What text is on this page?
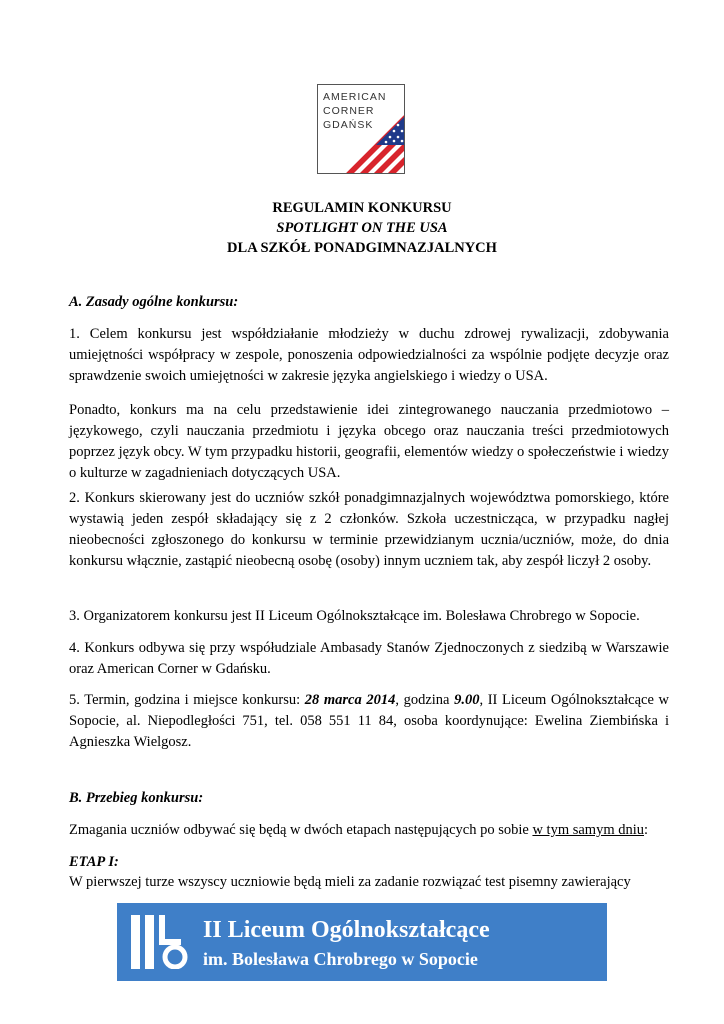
AMERICAN
CORNER
GDAŃSK
REGULAMIN KONKURSU
SPOTLIGHT ON THE USA
DLA SZKÓŁ PONADGIMNAZJALNYCH
A. Zasady ogólne konkursu:
1. Celem konkursu jest współdziałanie młodzieży w duchu zdrowej rywalizacji, zdobywania umiejętności współpracy w zespole, ponoszenia odpowiedzialności za wspólnie podjęte decyzje oraz sprawdzenie swoich umiejętności w zakresie języka angielskiego i wiedzy o USA.
Ponadto, konkurs ma na celu przedstawienie idei zintegrowanego nauczania przedmiotowo – językowego, czyli nauczania przedmiotu i języka obcego oraz nauczania treści przedmiotowych poprzez język obcy. W tym przypadku historii, geografii, elementów wiedzy o społeczeństwie i wiedzy o kulturze w zagadnieniach dotyczących USA.
2. Konkurs skierowany jest do uczniów szkół ponadgimnazjalnych województwa pomorskiego, które wystawią jeden zespół składający się z 2 członków. Szkoła uczestnicząca, w przypadku nagłej nieobecności zgłoszonego do konkursu w terminie przewidzianym ucznia/uczniów, może, do dnia konkursu włącznie, zastąpić nieobecną osobę (osoby) innym uczniem tak, aby zespół liczył 2 osoby.
3. Organizatorem konkursu jest II Liceum Ogólnokształcące im. Bolesława Chrobrego w Sopocie.
4. Konkurs odbywa się przy współudziale Ambasady Stanów Zjednoczonych z siedzibą w Warszawie oraz American Corner w Gdańsku.
5. Termin, godzina i miejsce konkursu: 28 marca 2014, godzina 9.00, II Liceum Ogólnokształcące w Sopocie, al. Niepodległości 751, tel. 058 551 11 84, osoba koordynujące: Ewelina Ziembińska i Agnieszka Wielgosz.
B. Przebieg konkursu:
Zmagania uczniów odbywać się będą w dwóch etapach następujących po sobie w tym samym dniu:
ETAP I:
W pierwszej turze wszyscy uczniowie będą mieli za zadanie rozwiązać test pisemny zawierający
II Liceum Ogólnokształcące
im. Bolesława Chrobrego w Sopocie
